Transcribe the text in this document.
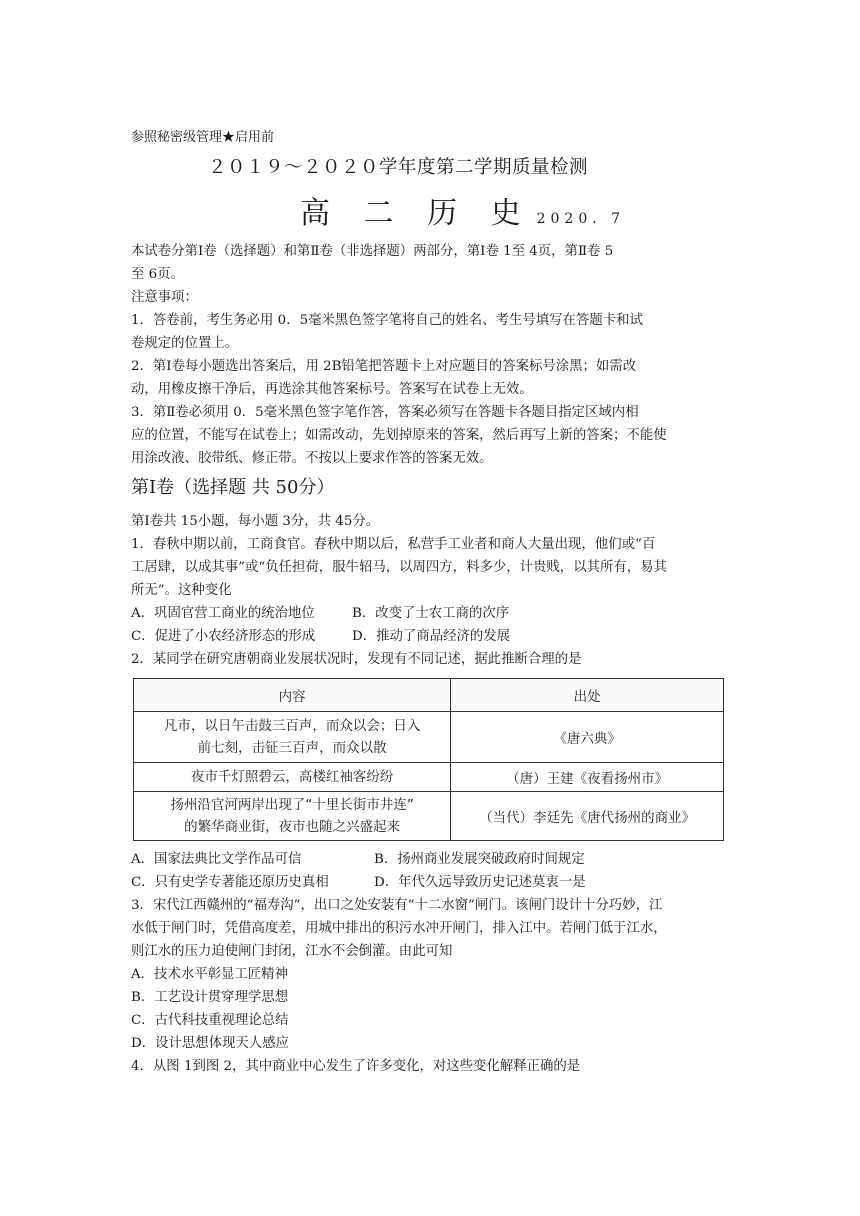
参照秘密级管理★启用前
２０１９～２０２０学年度第二学期质量检测
高 二 历 史 2020. 7
本试卷分第Ⅰ卷（选择题）和第Ⅱ卷（非选择题）两部分，第Ⅰ卷 1至 4页，第Ⅱ卷 5
至 6页。
注意事项：
1．答卷前，考生务必用 0．5毫米黑色签字笔将自己的姓名、考生号填写在答题卡和试
卷规定的位置上。
2．第Ⅰ卷每小题选出答案后，用 2B铅笔把答题卡上对应题目的答案标号涂黑；如需改
动，用橡皮擦干净后，再选涂其他答案标号。答案写在试卷上无效。
3．第Ⅱ卷必须用 0．5毫米黑色签字笔作答，答案必须写在答题卡各题目指定区域内相
应的位置，不能写在试卷上；如需改动，先划掉原来的答案，然后再写上新的答案；不能使
用涂改液、胶带纸、修正带。不按以上要求作答的答案无效。
第Ⅰ卷（选择题 共 50分）
第Ⅰ卷共 15小题，每小题 3分，共 45分。
1．春秋中期以前，工商食官。春秋中期以后，私营手工业者和商人大量出现，他们或“百
工居肆，以成其事”或“负任担荷，服牛轺马，以周四方，料多少，计贵贱，以其所有，易其
所无”。这种变化
A．巩固官营工商业的统治地位	B．改变了士农工商的次序
C．促进了小农经济形态的形成	D．推动了商品经济的发展
2．某同学在研究唐朝商业发展状况时，发现有不同记述，据此推断合理的是
内容	出处

凡市，以日午击鼓三百声，而众以会；日入
前七刻，击钲三百声，而众以散	《唐六典》
夜市千灯照碧云，高楼红袖客纷纷	（唐）王建《夜看扬州市》

扬州沿官河两岸出现了“十里长街市井连”
的繁华商业街，夜市也随之兴盛起来	（当代）李廷先《唐代扬州的商业》
A．国家法典比文学作品可信	B．扬州商业发展突破政府时间规定
C．只有史学专著能还原历史真相	D．年代久远导致历史记述莫衷一是
3．宋代江西赣州的“福寿沟”，出口之处安装有“十二水窗”闸门。该闸门设计十分巧妙，江
水低于闸门时，凭借高度差，用城中排出的积污水冲开闸门，排入江中。若闸门低于江水，
则江水的压力迫使闸门封闭，江水不会倒灌。由此可知
A．技术水平彰显工匠精神
B．工艺设计贯穿理学思想
C．古代科技重视理论总结
D．设计思想体现天人感应
4．从图 1到图 2，其中商业中心发生了许多变化，对这些变化解释正确的是
